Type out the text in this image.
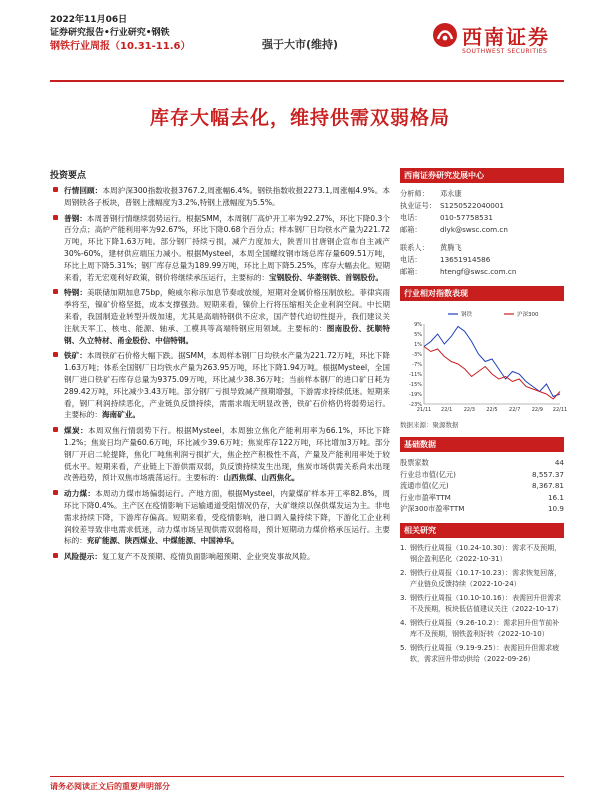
2022年11月06日
证券研究报告•行业研究•钢铁
钢铁行业周报（10.31-11.6）	强于大市(维持)	西南证券
SOUTHWEST SECURITIES
库存大幅去化，维持供需双弱格局
投资要点
行情回顾：本周沪深300指数收报3767.2,周涨幅6.4%。钢铁指数收报2273.1,周涨幅4.9%。本周钢铁各子板块，普钢上涨幅度为3.2%,特钢上涨幅度为5.5%。
普钢：本周普钢行情继续弱势运行。根据SMM，本周钢厂高炉开工率为92.27%，环比下降0.3个百分点；高炉产能利用率为92.67%，环比下降0.68个百分点；样本钢厂日均铁水产量为221.72万吨，环比下降1.63万吨。部分钢厂持续亏损，减产力度加大，陕晋川甘唐钢企宣布自主减产30%-60%，建材供应端压力减小。根据Mysteel，本周全国螺纹钢市场总库存量609.51万吨，环比上周下降5.31%；钢厂库存总量为189.99万吨，环比上周下降5.25%，库存大幅去化。短期来看，若无宏观利好政策，钢价将继续承压运行，主要标的：宝钢股份、华菱钢铁、首钢股份。
特钢：美联储加期加息75bp，鲍威尔称示加息节奏或放缓，短期对金属价格压制放松。菲律宾雨季将至，镍矿价格坚挺，成本支撑强劲。短期来看，镍价上行将压缩相关企业利润空间。中长期来看，我国制造业转型升级加速，尤其是高端特钢供不应求，国产替代迫切性提升，我们建议关注航天军工、核电、能源、轴承、工模具等高端特钢应用领域。主要标的：图南股份、抚顺特钢、久立特材、甬金股份、中信特钢。
铁矿：本周铁矿石价格大幅下跌。据SMM，本周样本钢厂日均铁水产量为221.72万吨，环比下降1.63万吨；体系全国钢厂日均铁水产量为263.95万吨，环比下降1.94万吨。根据Mysteel，全国钢厂进口铁矿石库存总量为9375.09万吨，环比减少38.36万吨；当前样本钢厂的进口矿日耗为289.42万吨，环比减少3.43万吨。部分钢厂亏损导致减产预期增强，下游需求持续低迷。短期来看，钢厂利润持续恶化，产业链负反馈持续，需需求端无明显改善，铁矿石价格仍将弱势运行。主要标的：海南矿业。
煤炭：本周双焦行情弱势下行。根据Mysteel，本周独立焦化产能利用率为66.1%，环比下降1.2%；焦炭日均产量60.6万吨，环比减少39.6万吨；焦炭库存122万吨，环比增加3万吨。部分钢厂开启二轮提降，焦化厂吨焦利润亏损扩大，焦企控产积极性不高，产量及产能利用率处于较低水平。短期来看，产业链上下游供需双弱，负反馈持续发生出现，焦炭市场供需关系尚未出现改善趋势，预计双焦市场震荡运行。主要标的：山西焦煤、山西焦化。
动力煤：本周动力煤市场偏弱运行。产地方面，根据Mysteel，内蒙煤矿样本开工率82.8%，周环比下降0.4%。主产区在疫情影响下运输通道受阻情况仍存，大矿继续以保供煤发运为主。非电需求持续下降，下游库存偏高。短期来看，受疫情影响，港口调入量持续下降，下游化工企业利润较差导致非电需求低迷，动力煤市场呈现供需双弱格局，预计短期动力煤价格承压运行。主要标的：兖矿能源、陕西煤业、中煤能源、中国神华。
风险提示：复工复产不及预期、疫情负面影响超预期、企业突发事故风险。
西南证券研究发展中心
分析师： 邓永康
执业证号： S1250522040001
电话：	010-57758531
邮箱：	dlyk@swsc.com.cn
联系人： 黄腾飞
电话：	13651914586
邮箱：	htengf@swsc.com.cn
行业相对指数表现
9%
5%
1%
-3%
-7%
-11%
-15%
-19%
-23%
21/11 22/1 22/3 22/5 22/7 22/9 22/11
钢铁	沪深300
数据来源：聚源数据
基础数据
股票家数	44
行业总市值(亿元)	8,557.37
流通市值(亿元)	8,367.81
行业市盈率TTM	16.1
沪深300市盈率TTM	10.9
相关研究
1. 钢铁行业周报（10.24-10.30）：需求不及预期，钢企盈利恶化（2022-10-31）
2. 钢铁行业周报（10.17-10.23）：需求恢复回落，产业链负反馈持续（2022-10-24）
3. 钢铁行业周报（10.10-10.16）：表需回升但需求不及预期，板块低估值建议关注（2022-10-17）
4. 钢铁行业周报（9.26-10.2）：需求回升但节前补库不及预期，钢铁盈利好转（2022-10-10）
5. 钢铁行业周报（9.19-9.25）：表需回升但需求疲软，需求回升带动供给（2022-09-26）
请务必阅读正文后的重要声明部分
